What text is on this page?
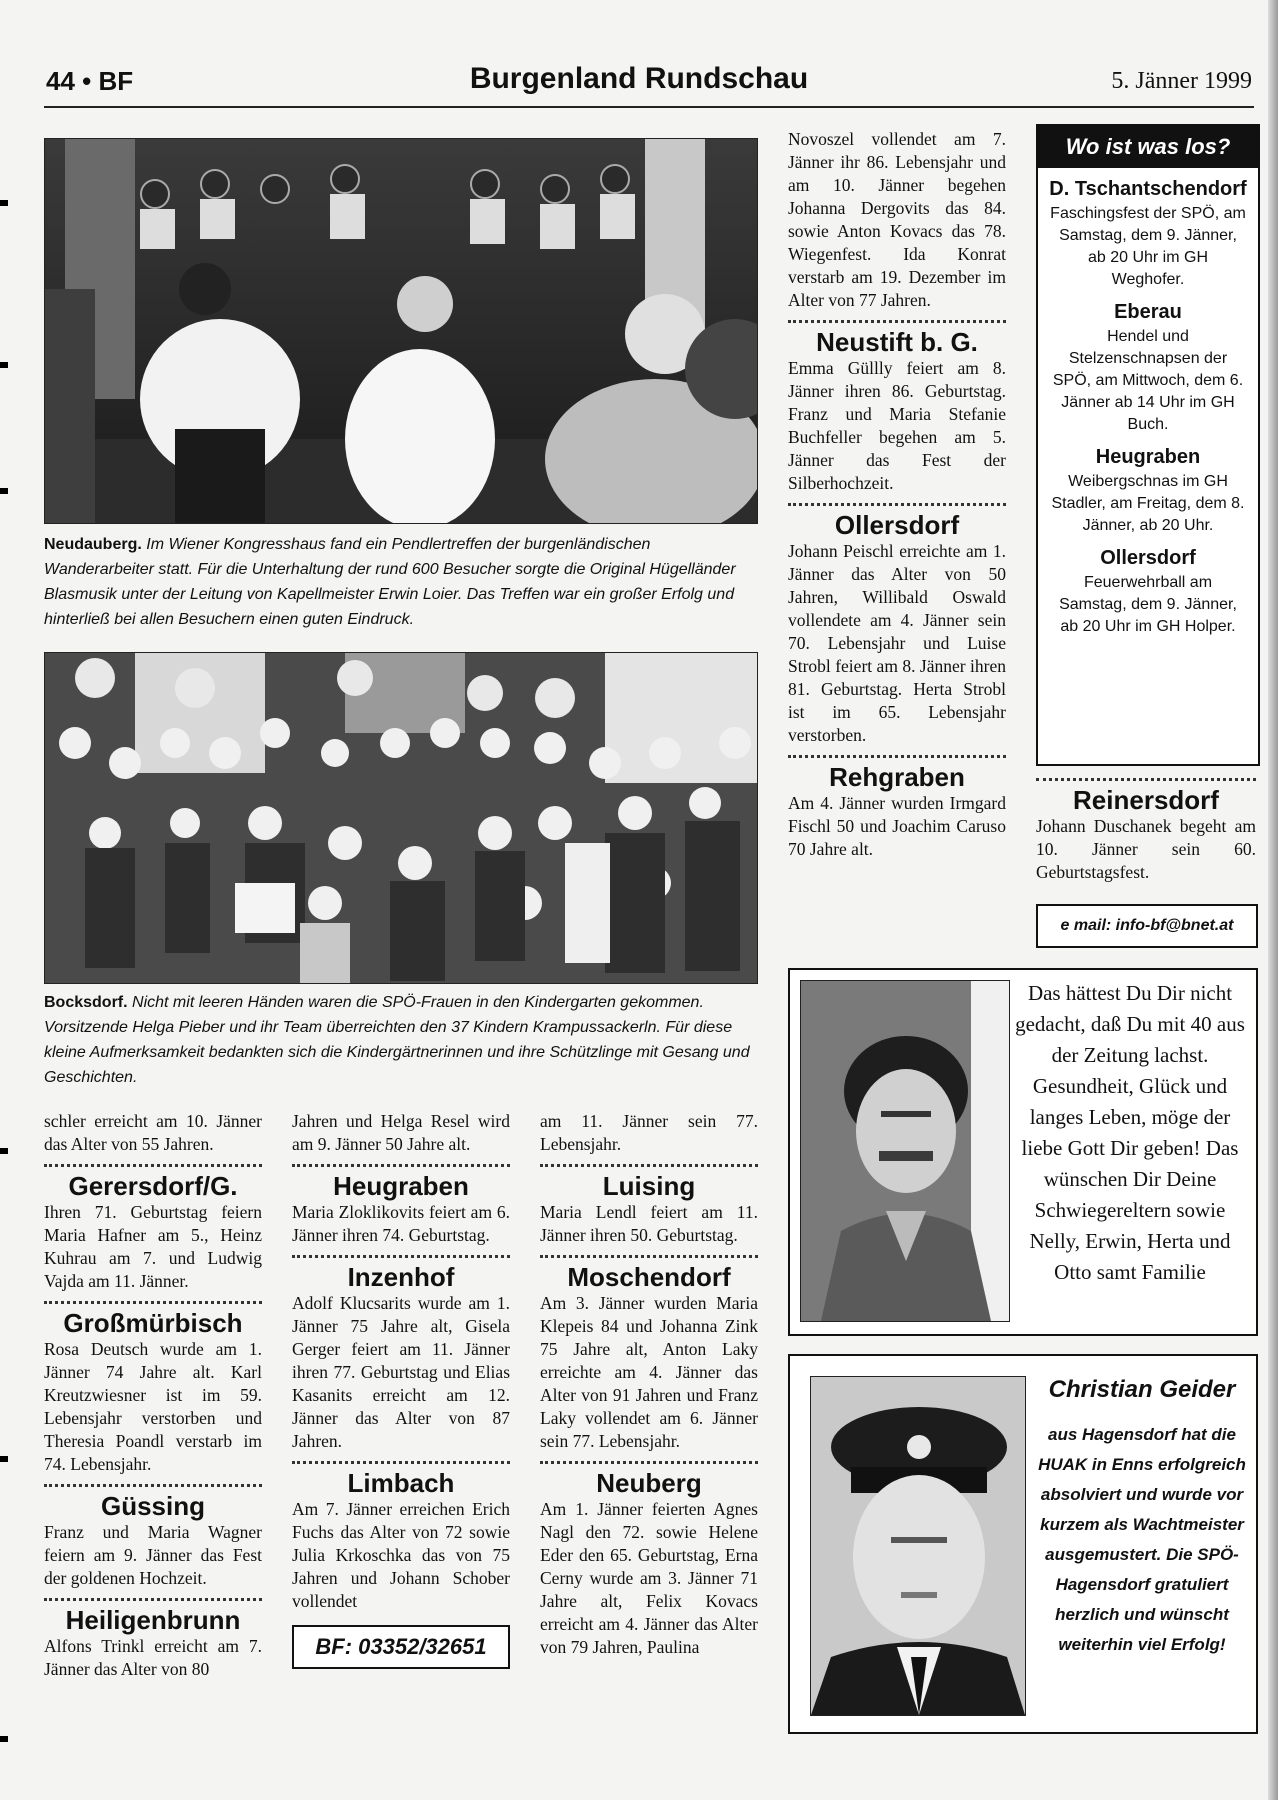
44 • BF	Burgenland Rundschau	5. Jänner 1999
Neudauberg. Im Wiener Kongresshaus fand ein Pendlertreffen der burgenländischen Wanderarbeiter statt. Für die Unterhaltung der rund 600 Besucher sorgte die Original Hügelländer Blasmusik unter der Leitung von Kapellmeister Erwin Loier. Das Treffen war ein großer Erfolg und hinterließ bei allen Besuchern einen guten Eindruck.
Bocksdorf. Nicht mit leeren Händen waren die SPÖ-Frauen in den Kindergarten gekommen. Vorsitzende Helga Pieber und ihr Team überreichten den 37 Kindern Krampussackerln. Für diese kleine Aufmerksamkeit bedankten sich die Kindergärtnerinnen und ihre Schützlinge mit Gesang und Geschichten.
Novoszel vollendet am 7. Jänner ihr 86. Lebensjahr und am 10. Jänner begehen Johanna Dergovits das 84. sowie Anton Kovacs das 78. Wiegenfest. Ida Konrat verstarb am 19. Dezember im Alter von 77 Jahren.
Neustift b. G.
Emma Güllly feiert am 8. Jänner ihren 86. Geburtstag. Franz und Maria Stefanie Buchfeller begehen am 5. Jänner das Fest der Silberhochzeit.
Ollersdorf
Johann Peischl erreichte am 1. Jänner das Alter von 50 Jahren, Willibald Oswald vollendete am 4. Jänner sein 70. Lebensjahr und Luise Strobl feiert am 8. Jänner ihren 81. Geburtstag. Herta Strobl ist im 65. Lebensjahr verstorben.
Rehgraben
Am 4. Jänner wurden Irmgard Fischl 50 und Joachim Caruso 70 Jahre alt.
Wo ist was los?
D. Tschantschendorf
Faschingsfest der SPÖ, am Samstag, dem 9. Jänner, ab 20 Uhr im GH Weghofer.
Eberau
Hendel und Stelzenschnapsen der SPÖ, am Mittwoch, dem 6. Jänner ab 14 Uhr im GH Buch.
Heugraben
Weibergschnas im GH Stadler, am Freitag, dem 8. Jänner, ab 20 Uhr.
Ollersdorf
Feuerwehrball am Samstag, dem 9. Jänner, ab 20 Uhr im GH Holper.
Reinersdorf
Johann Duschanek begeht am 10. Jänner sein 60. Geburtstagsfest.
e mail: info-bf@bnet.at
Das hättest Du Dir nicht gedacht, daß Du mit 40 aus der Zeitung lachst. Gesundheit, Glück und langes Leben, möge der liebe Gott Dir geben! Das wünschen Dir Deine Schwiegereltern sowie Nelly, Erwin, Herta und Otto samt Familie
Christian Geider
aus Hagensdorf hat die HUAK in Enns erfolgreich absolviert und wurde vor kurzem als Wachtmeister ausgemustert. Die SPÖ-Hagensdorf gratuliert herzlich und wünscht weiterhin viel Erfolg!
schler erreicht am 10. Jänner das Alter von 55 Jahren.
Gerersdorf/G.
Ihren 71. Geburtstag feiern Maria Hafner am 5., Heinz Kuhrau am 7. und Ludwig Vajda am 11. Jänner.
Großmürbisch
Rosa Deutsch wurde am 1. Jänner 74 Jahre alt. Karl Kreutzwiesner ist im 59. Lebensjahr verstorben und Theresia Poandl verstarb im 74. Lebensjahr.
Güssing
Franz und Maria Wagner feiern am 9. Jänner das Fest der goldenen Hochzeit.
Heiligenbrunn
Alfons Trinkl erreicht am 7. Jänner das Alter von 80
Jahren und Helga Resel wird am 9. Jänner 50 Jahre alt.
Heugraben
Maria Zloklikovits feiert am 6. Jänner ihren 74. Geburtstag.
Inzenhof
Adolf Klucsarits wurde am 1. Jänner 75 Jahre alt, Gisela Gerger feiert am 11. Jänner ihren 77. Geburtstag und Elias Kasanits erreicht am 12. Jänner das Alter von 87 Jahren.
Limbach
Am 7. Jänner erreichen Erich Fuchs das Alter von 72 sowie Julia Krkoschka das von 75 Jahren und Johann Schober vollendet
BF: 03352/32651
am 11. Jänner sein 77. Lebensjahr.
Luising
Maria Lendl feiert am 11. Jänner ihren 50. Geburtstag.
Moschendorf
Am 3. Jänner wurden Maria Klepeis 84 und Johanna Zink 75 Jahre alt, Anton Laky erreichte am 4. Jänner das Alter von 91 Jahren und Franz Laky vollendet am 6. Jänner sein 77. Lebensjahr.
Neuberg
Am 1. Jänner feierten Agnes Nagl den 72. sowie Helene Eder den 65. Geburtstag, Erna Cerny wurde am 3. Jänner 71 Jahre alt, Felix Kovacs erreicht am 4. Jänner das Alter von 79 Jahren, Paulina
